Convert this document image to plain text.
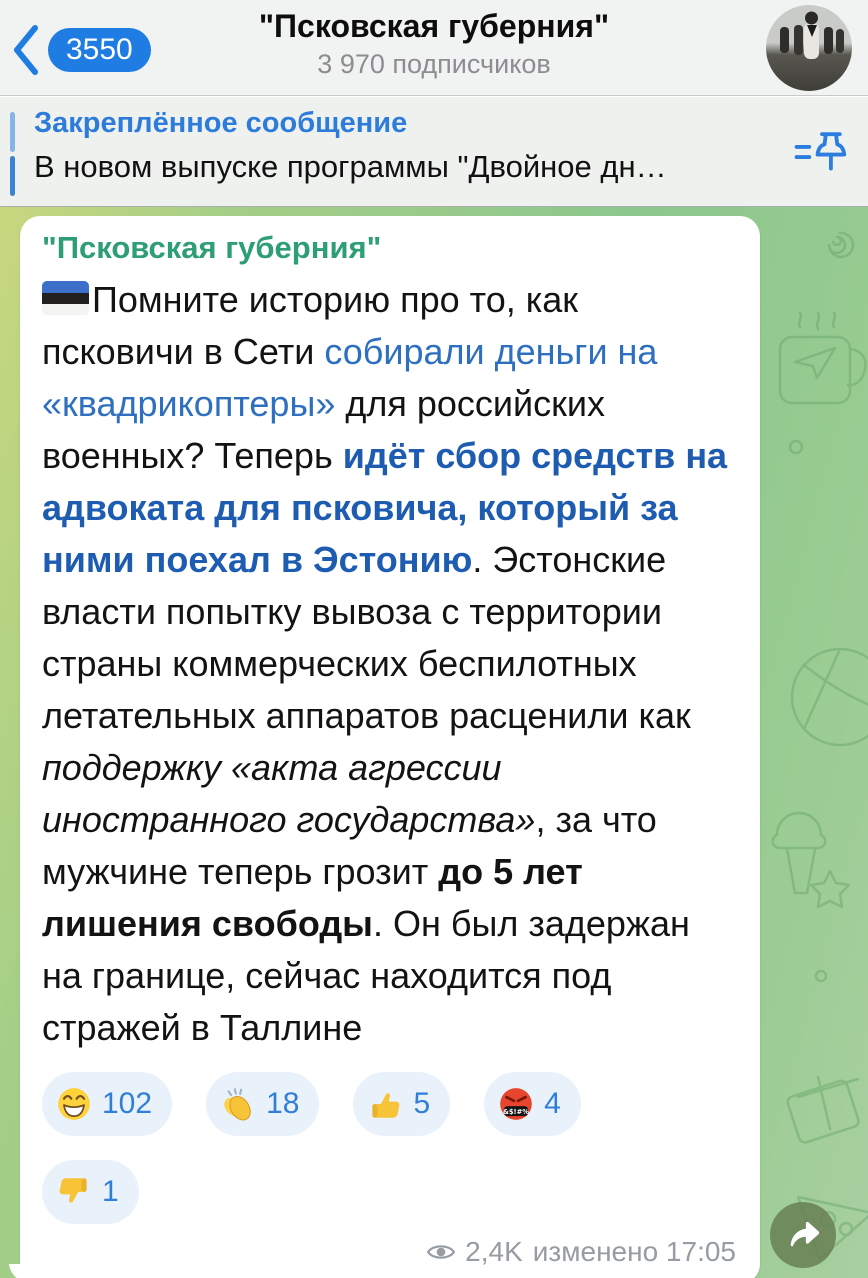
3550
"Псковская губерния"
3 970 подписчиков
Закреплённое сообщение
В новом выпуске программы "Двойное дн…
"Псковская губерния"
Помните историю про то, как псковичи в Сети собирали деньги на «квадрикоптеры» для российских военных? Теперь идёт сбор средств на адвоката для псковича, который за ними поехал в Эстонию. Эстонские власти попытку вывоза с территории страны коммерческих беспилотных летательных аппаратов расценили как поддержку «акта агрессии иностранного государства», за что мужчине теперь грозит до 5 лет лишения свободы. Он был задержан на границе, сейчас находится под стражей в Таллине
102	18	5	&$!#% 4
1
2,4K изменено 17:05
